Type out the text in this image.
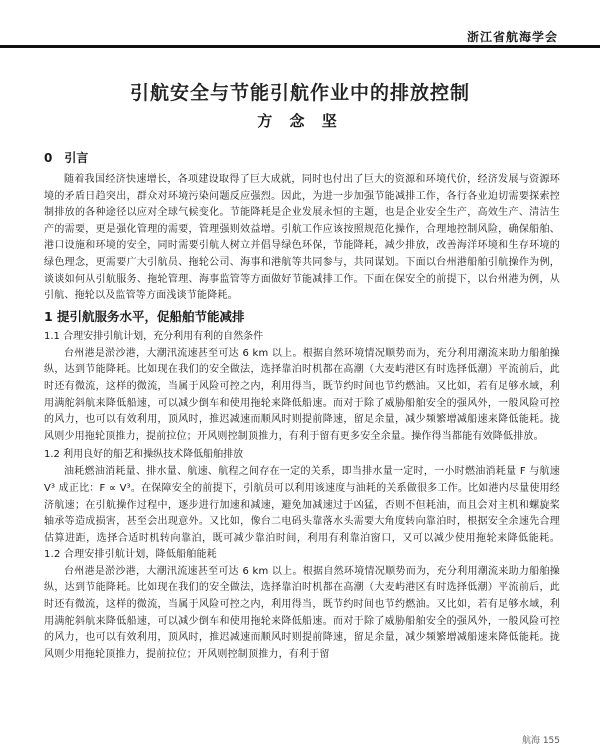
浙江省航海学会
引航安全与节能引航作业中的排放控制
方 念 坚
0　引言

随着我国经济快速增长，各项建设取得了巨大成就，同时也付出了巨大的资源和环境代价，经济发展与资源环境的矛盾日趋突出，群众对环境污染问题反应强烈。因此，为进一步加强节能减排工作，各行各业迫切需要探索控制排放的各种途径以应对全球气候变化。节能降耗是企业发展永恒的主题，也是企业安全生产，高效生产、清洁生产的需要，更是强化管理的需要，管理强则效益增。引航工作应该按照规范化操作，合理地控制风险，确保船舶、港口设施和环境的安全，同时需要引航人树立并倡导绿色环保，节能降耗，减少排放，改善海洋环境和生存环境的绿色理念，更需要广大引航员、拖轮公司、海事和港航等共同参与，共同谋划。下面以台州港船舶引航操作为例，谈谈如何从引航服务、拖轮管理、海事监管等方面做好节能减排工作。下面在保安全的前提下，以台州港为例，从引航、拖轮以及监管等方面浅谈节能降耗。

1 提引航服务水平，促船舶节能减排
1.1 合理安排引航计划，充分利用有利的自然条件

台州港是淤沙港，大潮汛流速甚至可达 6 km 以上。根据自然环境情况顺势而为，充分利用潮流来助力船舶操纵，达到节能降耗。比如现在我们的安全做法，选择靠泊时机都在高潮（大麦屿港区有时选择低潮）平流前后，此时还有微流，这样的微流，当属于风险可控之内，利用得当，既节约时间也节约燃油。又比如，若有足够水域，利用满舵斜航来降低船速，可以减少倒车和使用拖轮来降低船速。而对于除了威胁船舶安全的强风外，一般风险可控的风力，也可以有效利用，顶风时，推迟减速而顺风时则提前降速，留足余量，减少频繁增减船速来降低能耗。拢风则少用拖轮顶推力，提前拉位；开风则控制顶推力，有利于留有更多安全余量。操作得当都能有效降低排放。

1.2 利用良好的船艺和操纵技术降低船舶排放

油耗燃油消耗量、排水量、航速、航程之间存在一定的关系，即当排水量一定时，一小时燃油消耗量 F 与航速 V³ 成正比：F ∝ V³。在保障安全的前提下，引航员可以利用该速度与油耗的关系做很多工作。比如港内尽量使用经济航速；在引航操作过程中，逐步进行加速和减速，避免加减速过于凶猛，否则不但耗油，而且会对主机和螺旋桨轴承等造成损害，甚至会出现意外。又比如，像台二电码头靠落水头需要大角度转向靠泊时，根据安全余速先合理估算进距，选择合适时机转向靠泊，既可减少靠泊时间，利用有利靠泊窗口，又可以减少使用拖轮来降低能耗。1.2 合理安排引航计划，降低船舶能耗

台州港是淤沙港，大潮汛流速甚至可达 6 km 以上。根据自然环境情况顺势而为，充分利用潮流来助力船舶操纵，达到节能降耗。比如现在我们的安全做法，选择靠泊时机都在高潮（大麦屿港区有时选择低潮）平流前后，此时还有微流，这样的微流，当属于风险可控之内，利用得当，既节约时间也节约燃油。又比如，若有足够水域，利用满舵斜航来降低船速，可以减少倒车和使用拖轮来降低船速。而对于除了威胁船舶安全的强风外，一般风险可控的风力，也可以有效利用，顶风时，推迟减速而顺风时则提前降速，留足余量，减少频繁增减船速来降低能耗。拢风则少用拖轮顶推力，提前拉位；开风则控制顶推力，有利于留

航海 155
